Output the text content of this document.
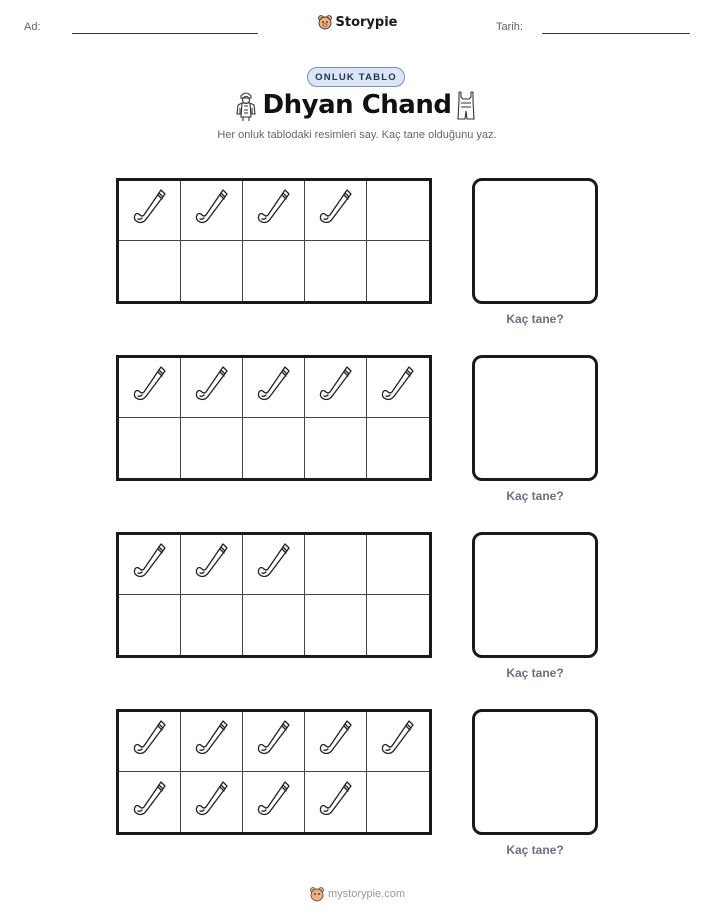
Ad:	Storypie	Tarih:
ONLUK TABLO
Dhyan Chand
Her onluk tablodaki resimleri say. Kaç tane olduğunu yaz.
Kaç tane?
Kaç tane?
Kaç tane?
Kaç tane?
mystorypie.com
